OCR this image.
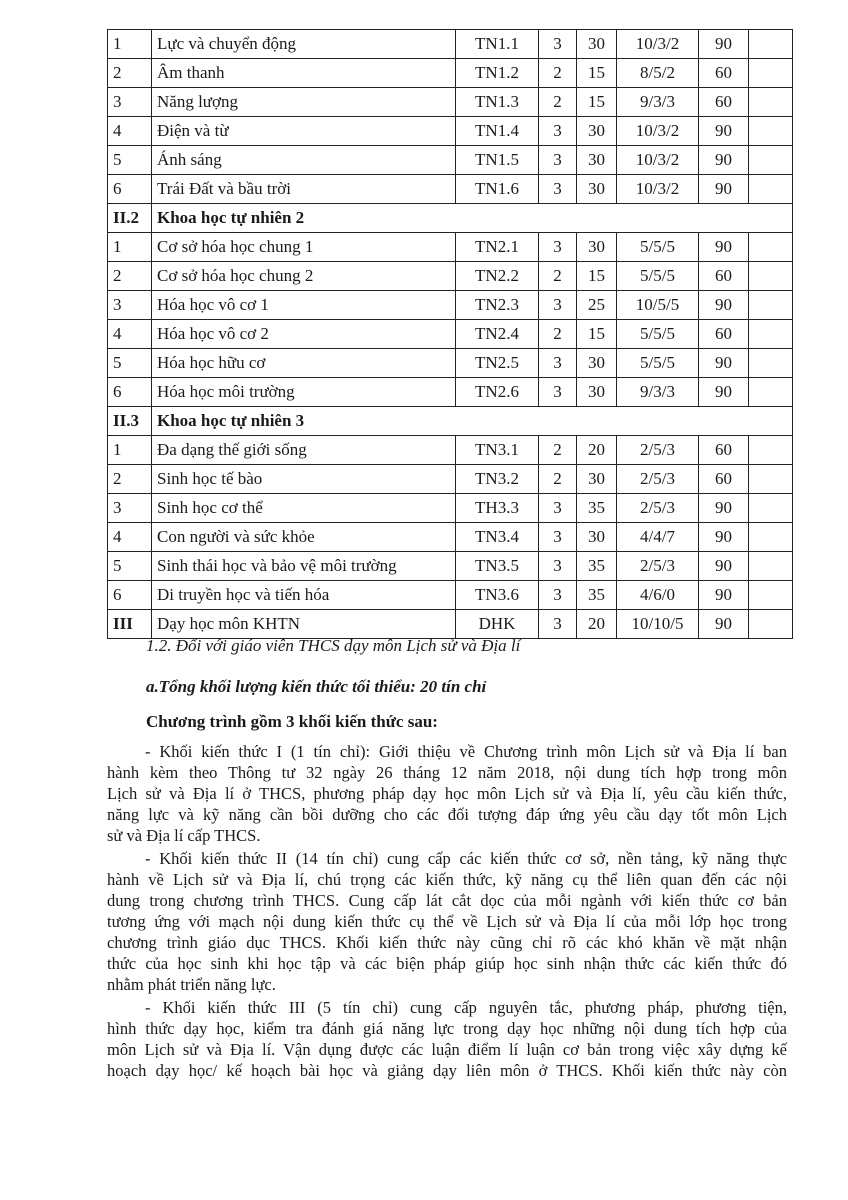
1	Lực và chuyển động	TN1.1	3	30	10/3/2	90	
2	Âm thanh	TN1.2	2	15	8/5/2	60	
3	Năng lượng	TN1.3	2	15	9/3/3	60	
4	Điện và từ	TN1.4	3	30	10/3/2	90	
5	Ánh sáng	TN1.5	3	30	10/3/2	90	
6	Trái Đất và bầu trời	TN1.6	3	30	10/3/2	90	
II.2	Khoa học tự nhiên 2						
1	Cơ sở hóa học chung 1	TN2.1	3	30	5/5/5	90	
2	Cơ sở hóa học chung 2	TN2.2	2	15	5/5/5	60	
3	Hóa học vô cơ 1	TN2.3	3	25	10/5/5	90	
4	Hóa học vô cơ 2	TN2.4	2	15	5/5/5	60	
5	Hóa học hữu cơ	TN2.5	3	30	5/5/5	90	
6	Hóa học môi trường	TN2.6	3	30	9/3/3	90	
II.3	Khoa học tự nhiên 3						
1	Đa dạng thế giới sống	TN3.1	2	20	2/5/3	60	
2	Sinh học tế bào	TN3.2	2	30	2/5/3	60	
3	Sinh học cơ thể	TH3.3	3	35	2/5/3	90	
4	Con người và sức khỏe	TN3.4	3	30	4/4/7	90	
5	Sinh thái học và bảo vệ môi trường	TN3.5	3	35	2/5/3	90	
6	Di truyền học và tiến hóa	TN3.6	3	35	4/6/0	90	
III	Dạy học môn KHTN	DHK	3	20	10/10/5	90	
1.2. Đối với giáo viên THCS dạy môn Lịch sử và Địa lí
a.Tổng khối lượng kiến thức tối thiểu: 20 tín chỉ
Chương trình gồm 3 khối kiến thức sau:
- Khối kiến thức I (1 tín chỉ): Giới thiệu về Chương trình môn Lịch sử và Địa lí ban
hành kèm theo Thông tư 32 ngày 26 tháng 12 năm 2018, nội dung tích hợp trong môn
Lịch sử và Địa lí ở THCS, phương pháp dạy học môn Lịch sử và Địa lí, yêu cầu kiến thức,
năng lực và kỹ năng cần bồi dưỡng cho các đối tượng đáp ứng yêu cầu dạy tốt môn Lịch
sử và Địa lí cấp THCS.
- Khối kiến thức II (14 tín chỉ) cung cấp các kiến thức cơ sở, nền tảng, kỹ năng thực
hành về Lịch sử và Địa lí, chú trọng các kiến thức, kỹ năng cụ thể liên quan đến các nội
dung trong chương trình THCS. Cung cấp lát cắt dọc của mỗi ngành với kiến thức cơ bản
tương ứng với mạch nội dung kiến thức cụ thể về Lịch sử và Địa lí của mỗi lớp học trong
chương trình giáo dục THCS. Khối kiến thức này cũng chỉ rõ các khó khăn về mặt nhận
thức của học sinh khi học tập và các biện pháp giúp học sinh nhận thức các kiến thức đó
nhằm phát triển năng lực.
- Khối kiến thức III (5 tín chỉ) cung cấp nguyên tắc, phương pháp, phương tiện,
hình thức dạy học, kiểm tra đánh giá năng lực trong dạy học những nội dung tích hợp của
môn Lịch sử và Địa lí. Vận dụng được các luận điểm lí luận cơ bản trong việc xây dựng kế
hoạch dạy học/ kế hoạch bài học và giảng dạy liên môn ở THCS. Khối kiến thức này còn
